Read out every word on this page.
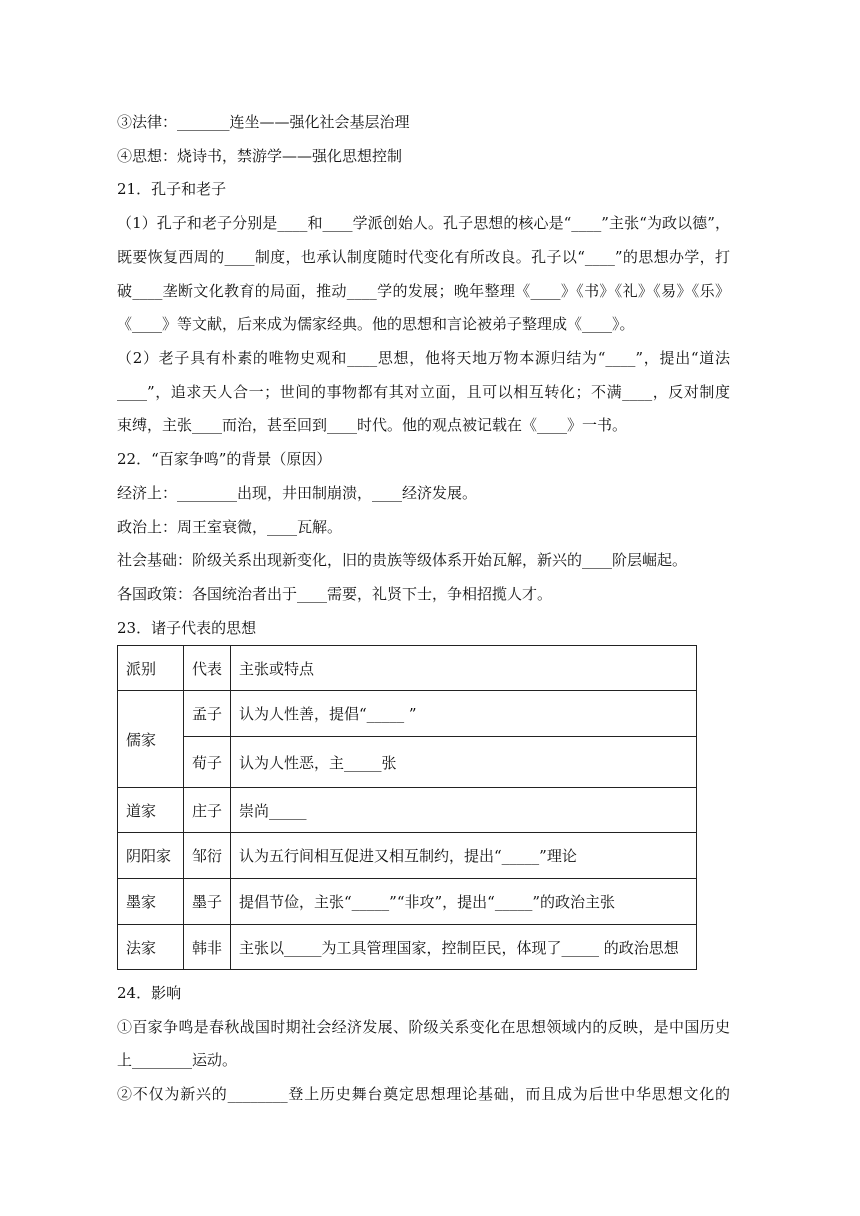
③法律：_______连坐——强化社会基层治理
④思想：烧诗书，禁游学——强化思想控制
21．孔子和老子
（1）孔子和老子分别是____和____学派创始人。孔子思想的核心是“____”主张“为政以德”，
既要恢复西周的____制度，也承认制度随时代变化有所改良。孔子以“____”的思想办学，打
破____垄断文化教育的局面，推动____学的发展；晚年整理《____》《书》《礼》《易》《乐》
《____》等文献，后来成为儒家经典。他的思想和言论被弟子整理成《____》。
（2）老子具有朴素的唯物史观和____思想，他将天地万物本源归结为“____”，提出“道法
____”，追求天人合一；世间的事物都有其对立面，且可以相互转化；不满____，反对制度
束缚，主张____而治，甚至回到____时代。他的观点被记载在《____》一书。
22．“百家争鸣”的背景（原因）
经济上：________出现，井田制崩溃，____经济发展。
政治上：周王室衰微，____瓦解。
社会基础：阶级关系出现新变化，旧的贵族等级体系开始瓦解，新兴的____阶层崛起。
各国政策：各国统治者出于____需要，礼贤下士，争相招揽人才。
23．诸子代表的思想
派别	代表	主张或特点
儒家	孟子	认为人性善，提倡“_____ ”
	荀子	认为人性恶，主_____张
道家	庄子	崇尚_____
阴阳家	邹衍	认为五行间相互促进又相互制约，提出“_____”理论
墨家	墨子	提倡节俭，主张“_____”“非攻”，提出“_____”的政治主张
法家	韩非	主张以_____为工具管理国家，控制臣民，体现了_____ 的政治思想
24．影响
①百家争鸣是春秋战国时期社会经济发展、阶级关系变化在思想领域内的反映，是中国历史
上________运动。
②不仅为新兴的________登上历史舞台奠定思想理论基础，而且成为后世中华思想文化的
